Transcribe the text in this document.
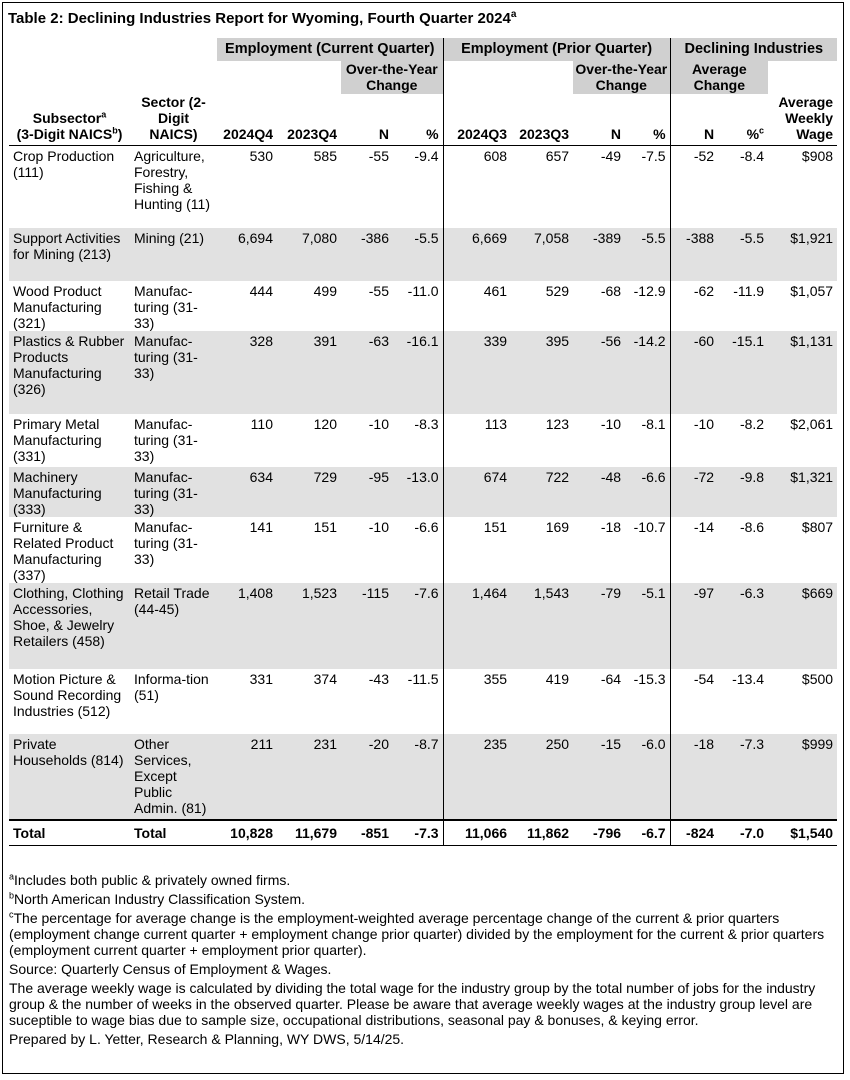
Table 2: Declining Industries Report for Wyoming, Fourth Quarter 2024$^a$
		Employment (Current Quarter)				Employment (Prior Quarter)				Declining Industries		
				Over-the-Year Change				Over-the-Year Change		Average Change		
Subsector$^a$
(3-Digit NAICS$^b$)	Sector (2-Digit NAICS)	2024Q4	2023Q4	N	%	2024Q3	2023Q3	N	%	N	%$^c$	Average Weekly Wage
Crop Production (111)	Agriculture, Forestry, Fishing & Hunting (11)	530	585	-55	-9.4	608	657	-49	-7.5	-52	-8.4	$908
Support Activities for Mining (213)	Mining (21)	6,694	7,080	-386	-5.5	6,669	7,058	-389	-5.5	-388	-5.5	$1,921
Wood Product Manufacturing (321)	Manufac-turing (31-33)	444	499	-55	-11.0	461	529	-68	-12.9	-62	-11.9	$1,057
Plastics & Rubber Products Manufacturing (326)	Manufac-turing (31-33)	328	391	-63	-16.1	339	395	-56	-14.2	-60	-15.1	$1,131
Primary Metal Manufacturing (331)	Manufac-turing (31-33)	110	120	-10	-8.3	113	123	-10	-8.1	-10	-8.2	$2,061
Machinery Manufacturing (333)	Manufac-turing (31-33)	634	729	-95	-13.0	674	722	-48	-6.6	-72	-9.8	$1,321
Furniture & Related Product Manufacturing (337)	Manufac-turing (31-33)	141	151	-10	-6.6	151	169	-18	-10.7	-14	-8.6	$807
Clothing, Clothing Accessories, Shoe, & Jewelry Retailers (458)	Retail Trade (44-45)	1,408	1,523	-115	-7.6	1,464	1,543	-79	-5.1	-97	-6.3	$669
Motion Picture & Sound Recording Industries (512)	Informa-tion (51)	331	374	-43	-11.5	355	419	-64	-15.3	-54	-13.4	$500
Private Households (814)	Other Services, Except Public Admin. (81)	211	231	-20	-8.7	235	250	-15	-6.0	-18	-7.3	$999
Total	Total	10,828	11,679	-851	-7.3	11,066	11,862	-796	-6.7	-824	-7.0	$1,540

$^a$Includes both public & privately owned firms.

$^b$North American Industry Classification System.

$^c$The percentage for average change is the employment-weighted average percentage change of the current & prior quarters (employment change current quarter + employment change prior quarter) divided by the employment for the current & prior quarters (employment current quarter + employment prior quarter).

Source: Quarterly Census of Employment & Wages.

The average weekly wage is calculated by dividing the total wage for the industry group by the total number of jobs for the industry group & the number of weeks in the observed quarter. Please be aware that average weekly wages at the industry group level are suceptible to wage bias due to sample size, occupational distributions, seasonal pay & bonuses, & keying error.

Prepared by L. Yetter, Research & Planning, WY DWS, 5/14/25.
